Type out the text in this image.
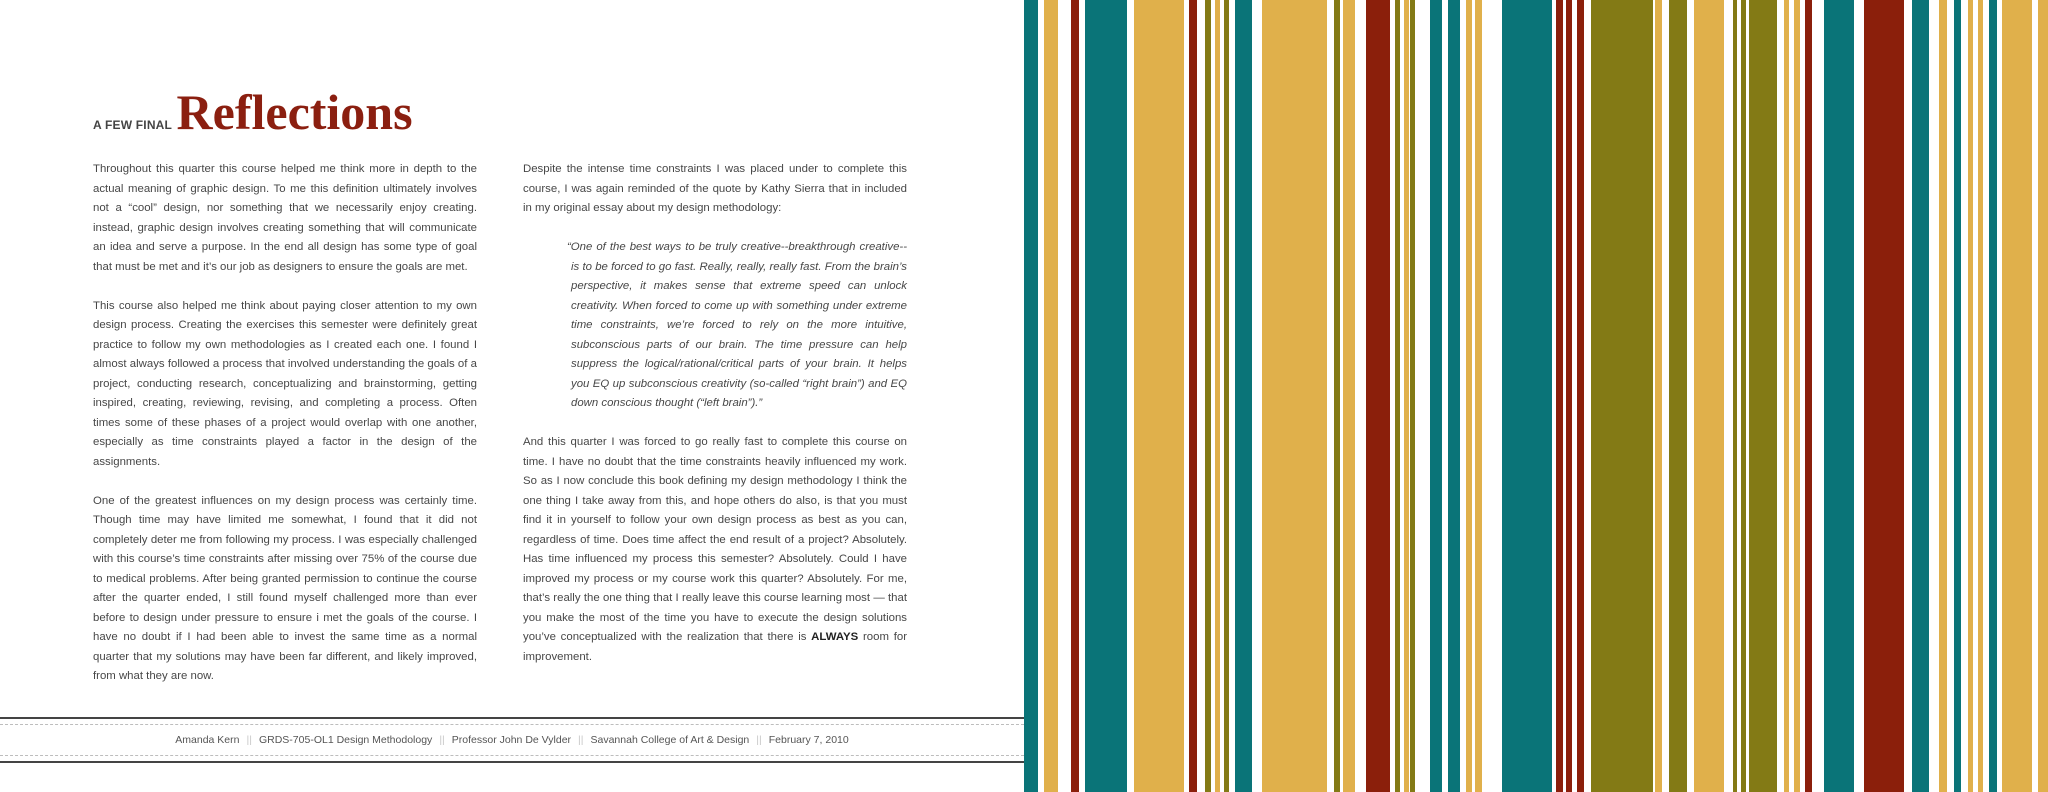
A FEW FINAL Reflections

Throughout this quarter this course helped me think more in depth to the actual meaning of graphic design. To me this definition ultimately involves not a “cool” design, nor something that we necessarily enjoy creating. instead, graphic design involves creating something that will communicate an idea and serve a purpose. In the end all design has some type of goal that must be met and it’s our job as designers to ensure the goals are met.

This course also helped me think about paying closer attention to my own design process. Creating the exercises this semester were definitely great practice to follow my own methodologies as I created each one. I found I almost always followed a process that involved understanding the goals of a project, conducting research, conceptualizing and brainstorming, getting inspired, creating, reviewing, revising, and completing a process. Often times some of these phases of a project would overlap with one another, especially as time constraints played a factor in the design of the assignments.

One of the greatest influences on my design process was certainly time. Though time may have limited me somewhat, I found that it did not completely deter me from following my process. I was especially challenged with this course’s time constraints after missing over 75% of the course due to medical problems. After being granted permission to continue the course after the quarter ended, I still found myself challenged more than ever before to design under pressure to ensure i met the goals of the course. I have no doubt if I had been able to invest the same time as a normal quarter that my solutions may have been far different, and likely improved, from what they are now.

Despite the intense time constraints I was placed under to complete this course, I was again reminded of the quote by Kathy Sierra that in included in my original essay about my design methodology:

“One of the best ways to be truly creative--breakthrough creative--is to be forced to go fast. Really, really, really fast. From the brain’s perspective, it makes sense that extreme speed can unlock creativity. When forced to come up with something under extreme time constraints, we’re forced to rely on the more intuitive, subconscious parts of our brain. The time pressure can help suppress the logical/rational/critical parts of your brain. It helps you EQ up subconscious creativity (so-called “right brain”) and EQ down conscious thought (“left brain”).”

And this quarter I was forced to go really fast to complete this course on time. I have no doubt that the time constraints heavily influenced my work. So as I now conclude this book defining my design methodology I think the one thing I take away from this, and hope others do also, is that you must find it in yourself to follow your own design process as best as you can, regardless of time. Does time affect the end result of a project? Absolutely. Has time influenced my process this semester? Absolutely. Could I have improved my process or my course work this quarter? Absolutely. For me, that’s really the one thing that I really leave this course learning most — that you make the most of the time you have to execute the design solutions you’ve conceptualized with the realization that there is ALWAYS room for improvement.

Amanda Kern || GRDS-705-OL1 Design Methodology || Professor John De Vylder || Savannah College of Art & Design || February 7, 2010
